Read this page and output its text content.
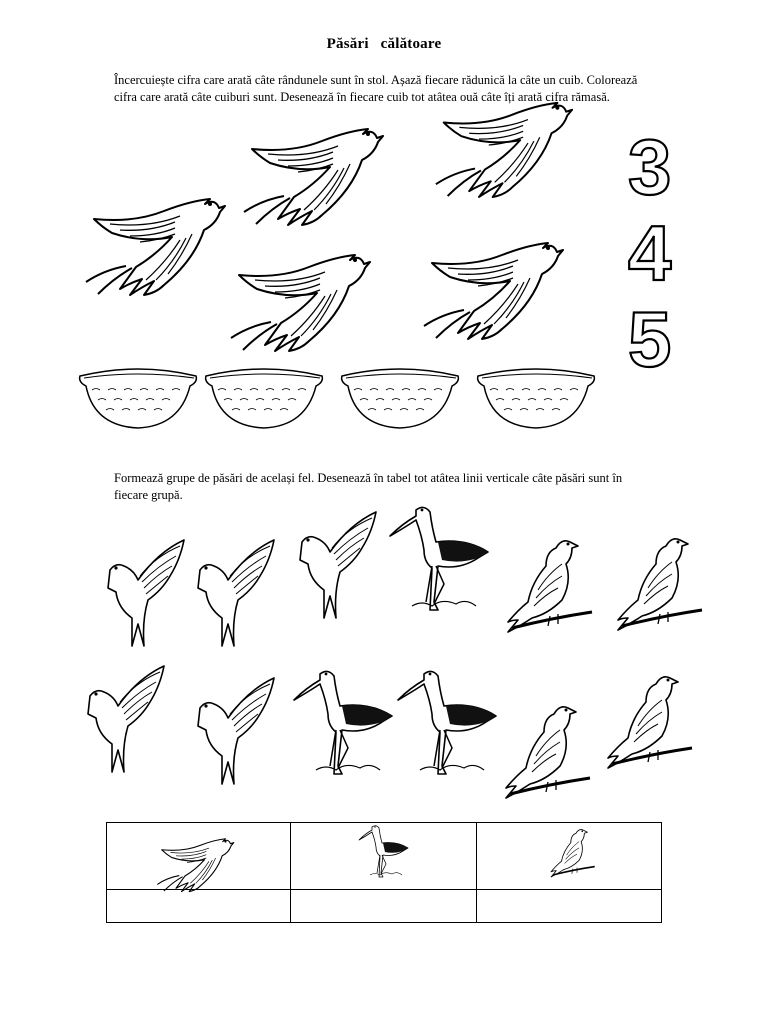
Păsări călătoare
Încercuiește cifra care arată câte rândunele sunt în stol. Așază fiecare rădunică la câte un cuib. Colorează cifra care arată câte cuiburi sunt. Desenează în fiecare cuib tot atâtea ouă câte îți arată cifra rămasă.
Formează grupe de păsări de același fel. Desenează în tabel tot atâtea linii verticale câte păsări sunt în fiecare grupă.
3
4
5
